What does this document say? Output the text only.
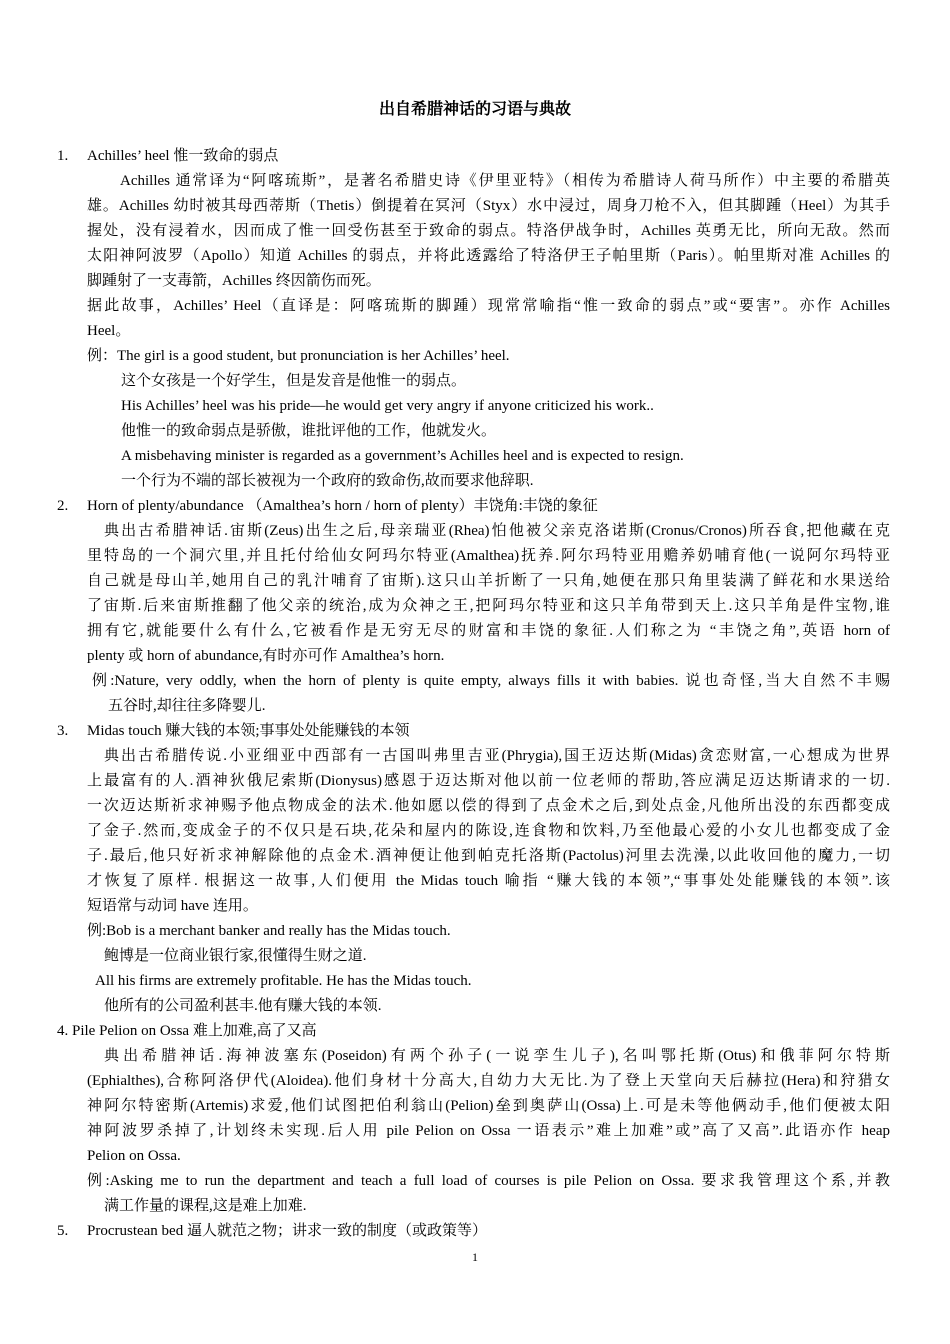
出自希腊神话的习语与典故
1. Achilles’ heel 惟一致命的弱点
Achilles 通常译为“阿喀琉斯”，是著名希腊史诗《伊里亚特》（相传为希腊诗人荷马所作）中主要的希腊英
雄。Achilles 幼时被其母西蒂斯（Thetis）倒提着在冥河（Styx）水中浸过，周身刀枪不入，但其脚踵（Heel）为其手
握处，没有浸着水，因而成了惟一回受伤甚至于致命的弱点。特洛伊战争时，Achilles 英勇无比，所向无敌。然而
太阳神阿波罗（Apollo）知道 Achilles 的弱点，并将此透露给了特洛伊王子帕里斯（Paris）。帕里斯对准 Achilles 的
脚踵射了一支毒箭，Achilles 终因箭伤而死。
据此故事，Achilles’ Heel（直译是：阿喀琉斯的脚踵）现常常喻指“惟一致命的弱点”或“要害”。亦作 Achilles
Heel。
例：The girl is a good student, but pronunciation is her Achilles’ heel.
这个女孩是一个好学生，但是发音是他惟一的弱点。
His Achilles’ heel was his pride—he would get very angry if anyone criticized his work..
他惟一的致命弱点是骄傲，谁批评他的工作，他就发火。
A misbehaving minister is regarded as a government’s Achilles heel and is expected to resign.
一个行为不端的部长被视为一个政府的致命伤,故而要求他辞职.
2. Horn of plenty/abundance （Amalthea’s horn / horn of plenty）丰饶角:丰饶的象征
典出古希腊神话.宙斯(Zeus)出生之后,母亲瑞亚(Rhea)怕他被父亲克洛诺斯(Cronus/Cronos)所吞食,把他藏在克
里特岛的一个洞穴里,并且托付给仙女阿玛尔特亚(Amalthea)抚养.阿尔玛特亚用赡养奶哺育他(一说阿尔玛特亚
自己就是母山羊,她用自己的乳汁哺育了宙斯).这只山羊折断了一只角,她便在那只角里装满了鲜花和水果送给
了宙斯.后来宙斯推翻了他父亲的统治,成为众神之王,把阿玛尔特亚和这只羊角带到天上.这只羊角是件宝物,谁
拥有它,就能要什么有什么,它被看作是无穷无尽的财富和丰饶的象征.人们称之为 “丰饶之角”,英语 horn of
plenty 或 horn of abundance,有时亦可作 Amalthea’s horn.
例:Nature, very oddly, when the horn of plenty is quite empty, always fills it with babies. 说也奇怪,当大自然不丰赐
五谷时,却往往多降婴儿.
3. Midas touch 赚大钱的本领;事事处处能赚钱的本领
典出古希腊传说.小亚细亚中西部有一古国叫弗里吉亚(Phrygia),国王迈达斯(Midas)贪恋财富,一心想成为世界
上最富有的人.酒神狄俄尼索斯(Dionysus)感恩于迈达斯对他以前一位老师的帮助,答应满足迈达斯请求的一切.
一次迈达斯祈求神赐予他点物成金的法术.他如愿以偿的得到了点金术之后,到处点金,凡他所出没的东西都变成
了金子.然而,变成金子的不仅只是石块,花朵和屋内的陈设,连食物和饮料,乃至他最心爱的小女儿也都变成了金
子.最后,他只好祈求神解除他的点金术.酒神便让他到帕克托洛斯(Pactolus)河里去洗澡,以此收回他的魔力,一切
才恢复了原样. 根据这一故事,人们便用 the Midas touch 喻指 “赚大钱的本领”,“事事处处能赚钱的本领”.该
短语常与动词 have 连用。
例:Bob is a merchant banker and really has the Midas touch.
鲍博是一位商业银行家,很懂得生财之道.
All his firms are extremely profitable. He has the Midas touch.
他所有的公司盈利甚丰.他有赚大钱的本领.
4. Pile Pelion on Ossa 难上加难,高了又高
典出希腊神话.海神波塞东(Poseidon)有两个孙子(一说孪生儿子),名叫鄂托斯(Otus)和俄菲阿尔特斯
(Ephialthes),合称阿洛伊代(Aloidea).他们身材十分高大,自幼力大无比.为了登上天堂向天后赫拉(Hera)和狩猎女
神阿尔特密斯(Artemis)求爱,他们试图把伯利翁山(Pelion)垒到奥萨山(Ossa)上.可是未等他俩动手,他们便被太阳
神阿波罗杀掉了,计划终未实现.后人用 pile Pelion on Ossa 一语表示”难上加难”或”高了又高”.此语亦作 heap
Pelion on Ossa.
例:Asking me to run the department and teach a full load of courses is pile Pelion on Ossa. 要求我管理这个系,并教
满工作量的课程,这是难上加难.
5. Procrustean bed 逼人就范之物；讲求一致的制度（或政策等）
1
